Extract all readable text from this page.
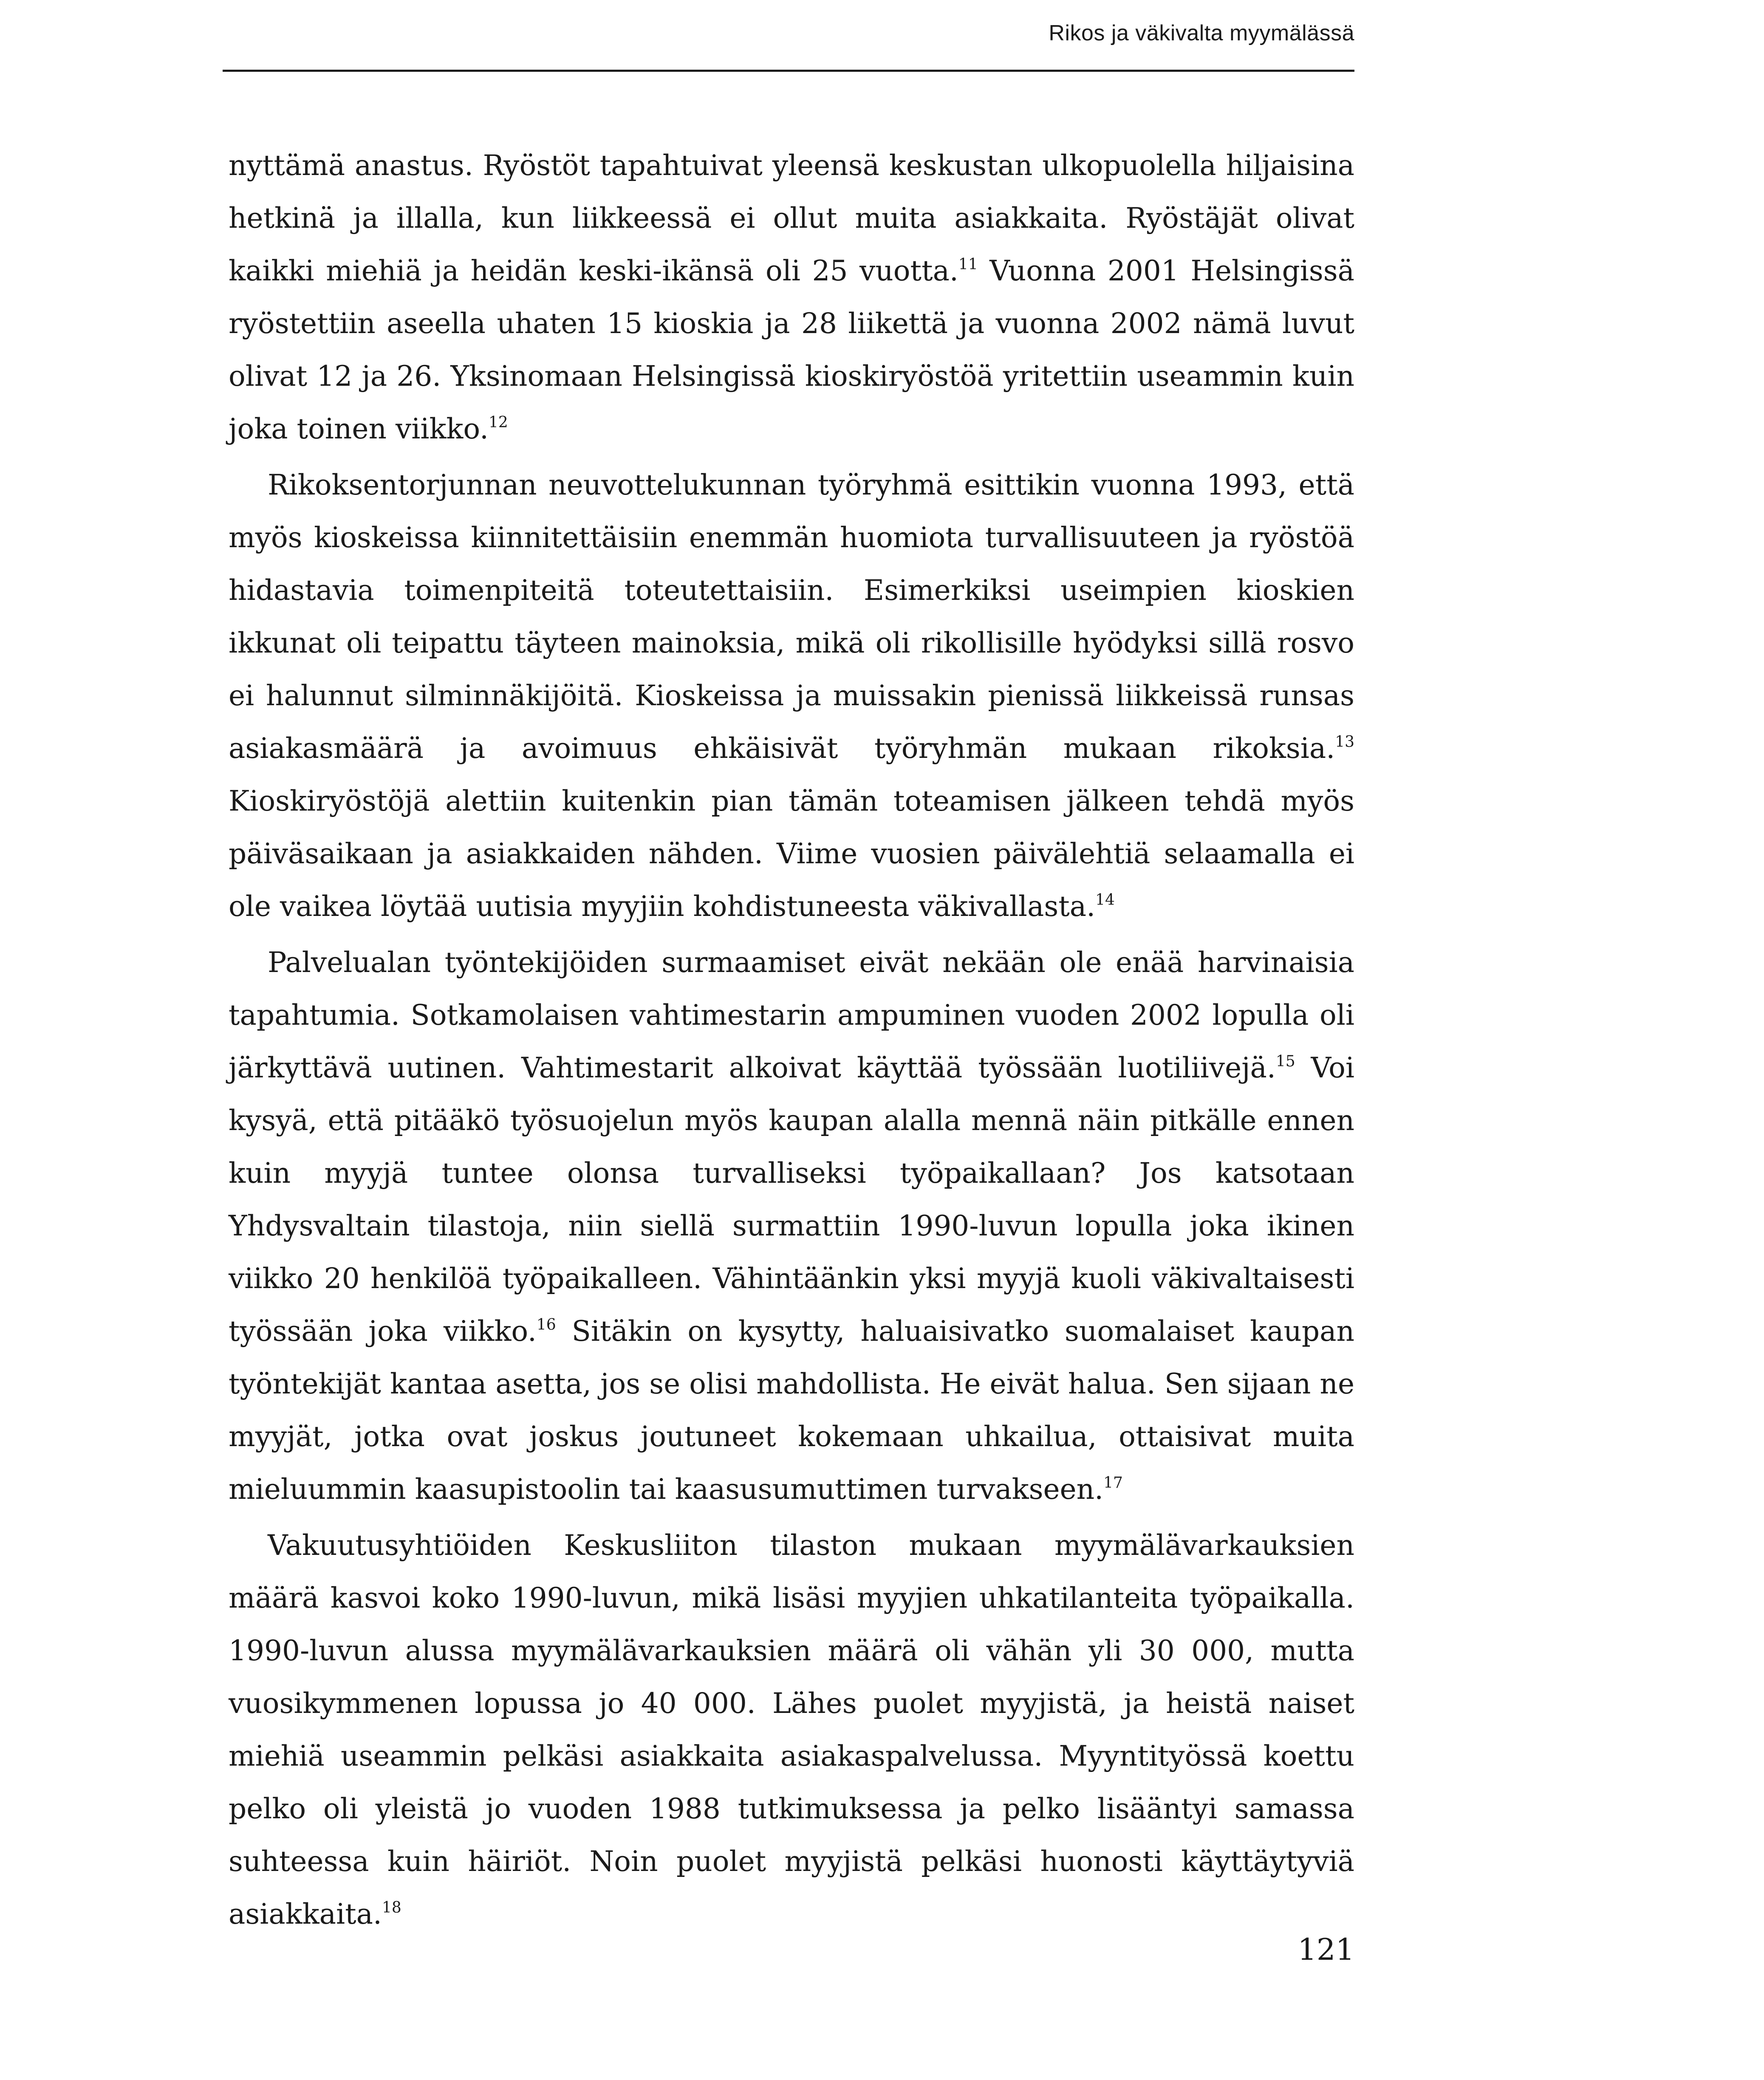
Rikos ja väkivalta myymälässä

nyttämä anastus. Ryöstöt tapahtuivat yleensä keskustan ulkopuolella hiljaisina hetkinä ja illalla, kun liikkeessä ei ollut muita asiakkaita. Ryöstäjät olivat kaikki miehiä ja heidän keski-ikänsä oli 25 vuotta.$^{11}$ Vuonna 2001 Helsingissä ryöstettiin aseella uhaten 15 kioskia ja 28 liikettä ja vuonna 2002 nämä luvut olivat 12 ja 26. Yksinomaan Helsingissä kioskiryöstöä yritettiin useammin kuin joka toinen viikko.$^{12}$

Rikoksentorjunnan neuvottelukunnan työryhmä esittikin vuonna 1993, että myös kioskeissa kiinnitettäisiin enemmän huomiota turvallisuuteen ja ryöstöä hidastavia toimenpiteitä toteutettaisiin. Esimerkiksi useimpien kioskien ikkunat oli teipattu täyteen mainoksia, mikä oli rikollisille hyödyksi sillä rosvo ei halunnut silminnäkijöitä. Kioskeissa ja muissakin pienissä liikkeissä runsas asiakasmäärä ja avoimuus ehkäisivät työryhmän mukaan rikoksia.$^{13}$ Kioskiryöstöjä alettiin kuitenkin pian tämän toteamisen jälkeen tehdä myös päiväsaikaan ja asiakkaiden nähden. Viime vuosien päivälehtiä selaamalla ei ole vaikea löytää uutisia myyjiin kohdistuneesta väkivallasta.$^{14}$

Palvelualan työntekijöiden surmaamiset eivät nekään ole enää harvinaisia tapahtumia. Sotkamolaisen vahtimestarin ampuminen vuoden 2002 lopulla oli järkyttävä uutinen. Vahtimestarit alkoivat käyttää työssään luotiliivejä.$^{15}$ Voi kysyä, että pitääkö työsuojelun myös kaupan alalla mennä näin pitkälle ennen kuin myyjä tuntee olonsa turvalliseksi työpaikallaan? Jos katsotaan Yhdysvaltain tilastoja, niin siellä surmattiin 1990-luvun lopulla joka ikinen viikko 20 henkilöä työpaikalleen. Vähintäänkin yksi myyjä kuoli väkivaltaisesti työssään joka viikko.$^{16}$ Sitäkin on kysytty, haluaisivatko suomalaiset kaupan työntekijät kantaa asetta, jos se olisi mahdollista. He eivät halua. Sen sijaan ne myyjät, jotka ovat joskus joutuneet kokemaan uhkailua, ottaisivat muita mieluummin kaasupistoolin tai kaasusumuttimen turvakseen.$^{17}$

Vakuutusyhtiöiden Keskusliiton tilaston mukaan myymälävarkauksien määrä kasvoi koko 1990-luvun, mikä lisäsi myyjien uhkatilanteita työpaikalla. 1990-luvun alussa myymälävarkauksien määrä oli vähän yli 30 000, mutta vuosikymmenen lopussa jo 40 000. Lähes puolet myyjistä, ja heistä naiset miehiä useammin pelkäsi asiakkaita asiakaspalvelussa. Myyntityössä koettu pelko oli yleistä jo vuoden 1988 tutkimuksessa ja pelko lisääntyi samassa suhteessa kuin häiriöt. Noin puolet myyjistä pelkäsi huonosti käyttäytyviä asiakkaita.$^{18}$

121
